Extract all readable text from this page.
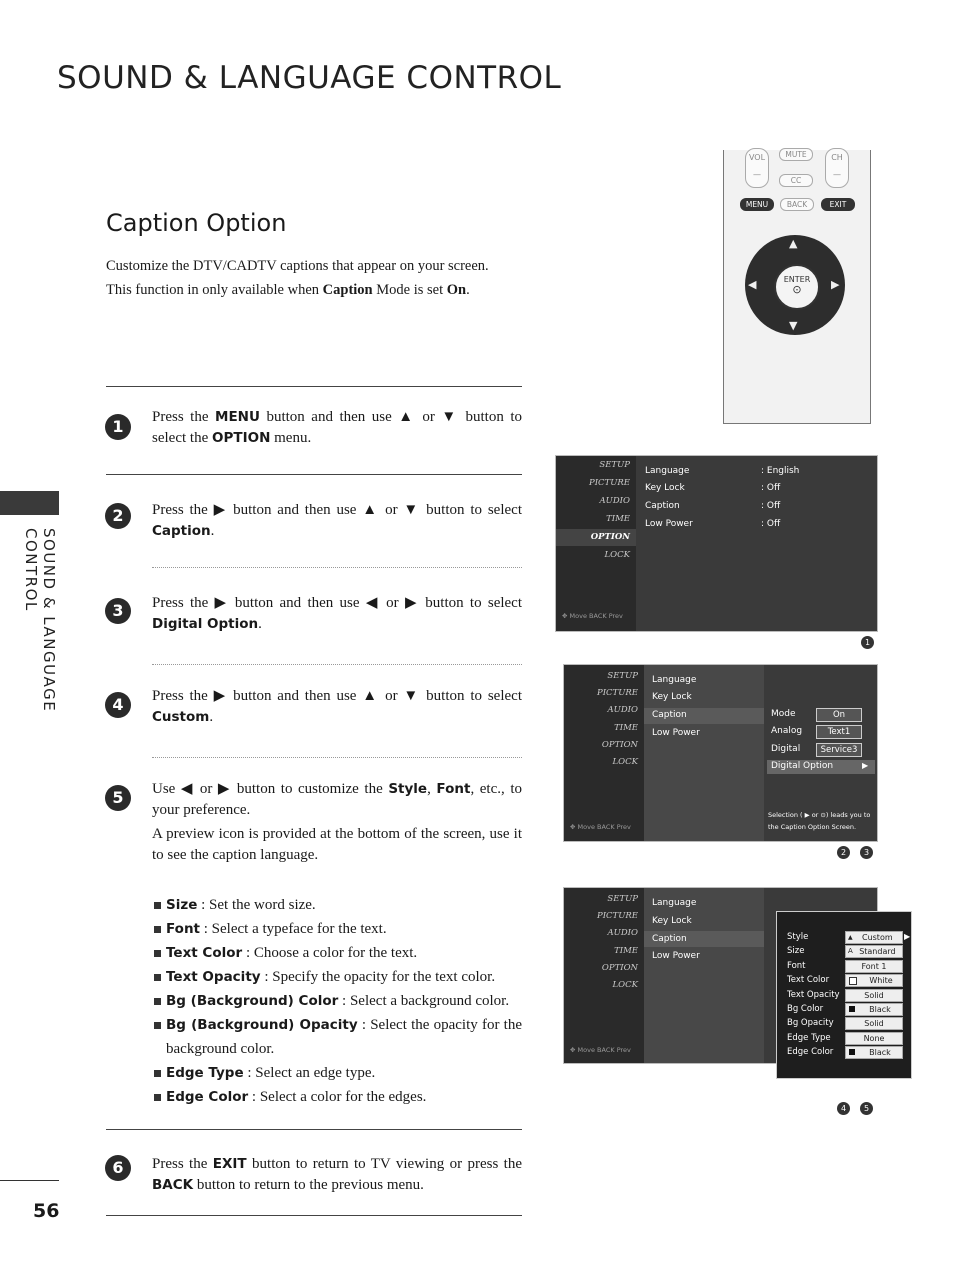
SOUND & LANGUAGE CONTROL
SOUND & LANGUAGE CONTROL
56
Caption Option

Customize the DTV/CADTV captions that appear on your screen.

This function in only available when Caption Mode is set On.

1	Press the MENU button and then use ▲ or ▼ button to select the OPTION menu.
2	Press the ▶ button and then use ▲ or ▼ button to select Caption.
3	Press the ▶ button and then use ◀ or ▶ button to select Digital Option.
4	Press the ▶ button and then use ▲ or ▼ button to select Custom.
5	Use ◀ or ▶ button to customize the Style, Font, etc., to your preference.

A preview icon is provided at the bottom of the screen, use it to see the caption language.

Size : Set the word size.
Font : Select a typeface for the text.
Text Color : Choose a color for the text.
Text Opacity : Specify the opacity for the text color.
Bg (Background) Color : Select a background color.
Bg (Background) Opacity : Select the opacity for the background color.
Edge Type : Select an edge type.
Edge Color : Select a color for the edges.
6	Press the EXIT button to return to TV viewing or press the BACK button to return to the previous menu.
VOL
—
MUTE
CC
CH
—
MENU	BACK	EXIT
▲
▼
◀	▶
ENTER
⊙
SETUP
PICTURE
AUDIO
TIME
OPTION
LOCK
✥ Move BACK Prev
Language	: English
Key Lock	: Off
Caption	: Off
Low Power	: Off
1
SETUP
PICTURE
AUDIO
TIME
OPTION
LOCK
✥ Move BACK Prev
Language
Key Lock
Caption
Low Power
Mode	On
Analog	Text1
Digital	Service3
Digital Option	▶
Selection ( ▶ or ⊙) leads you to the Caption Option Screen.
2	3
SETUP
PICTURE
AUDIO
TIME
OPTION
LOCK
✥ Move BACK Prev
Language
Key Lock
Caption
Low Power
Style	▲ Custom	▶
Size	A Standard
Font	Font 1
Text Color	White
Text Opacity	Solid
Bg Color	Black
Bg Opacity	Solid
Edge Type	None
Edge Color	Black
4	5
